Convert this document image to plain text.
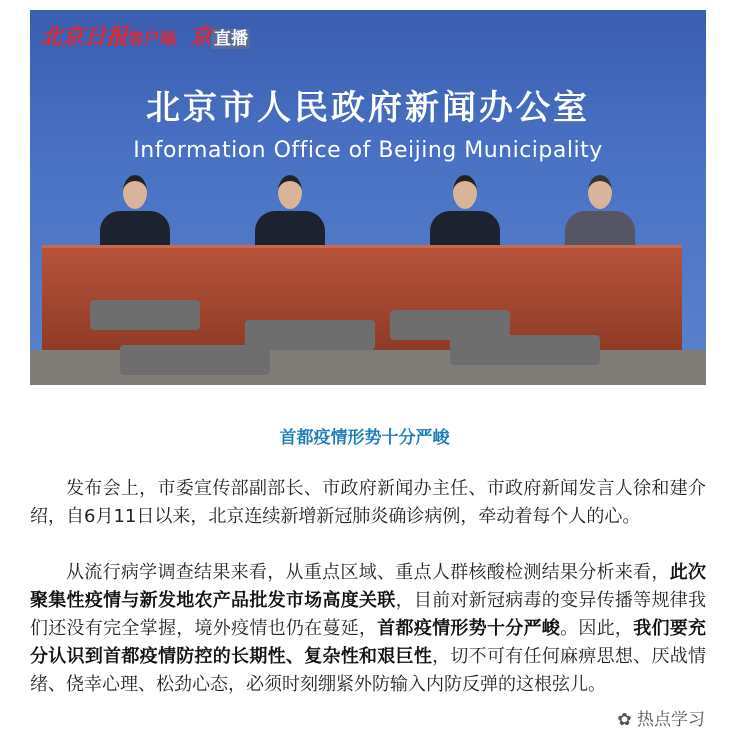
北京日报客户端 京 直播
北京市人民政府新闻办公室
Information Office of Beijing Municipality
首都疫情形势十分严峻
发布会上，市委宣传部副部长、市政府新闻办主任、市政府新闻发言人徐和建介绍，自6月11日以来，北京连续新增新冠肺炎确诊病例，牵动着每个人的心。
从流行病学调查结果来看，从重点区域、重点人群核酸检测结果分析来看，此次聚集性疫情与新发地农产品批发市场高度关联，目前对新冠病毒的变异传播等规律我们还没有完全掌握，境外疫情也仍在蔓延，首都疫情形势十分严峻。因此，我们要充分认识到首都疫情防控的长期性、复杂性和艰巨性，切不可有任何麻痹思想、厌战情绪、侥幸心理、松劲心态，必须时刻绷紧外防输入内防反弹的这根弦儿。
✿ 热点学习
